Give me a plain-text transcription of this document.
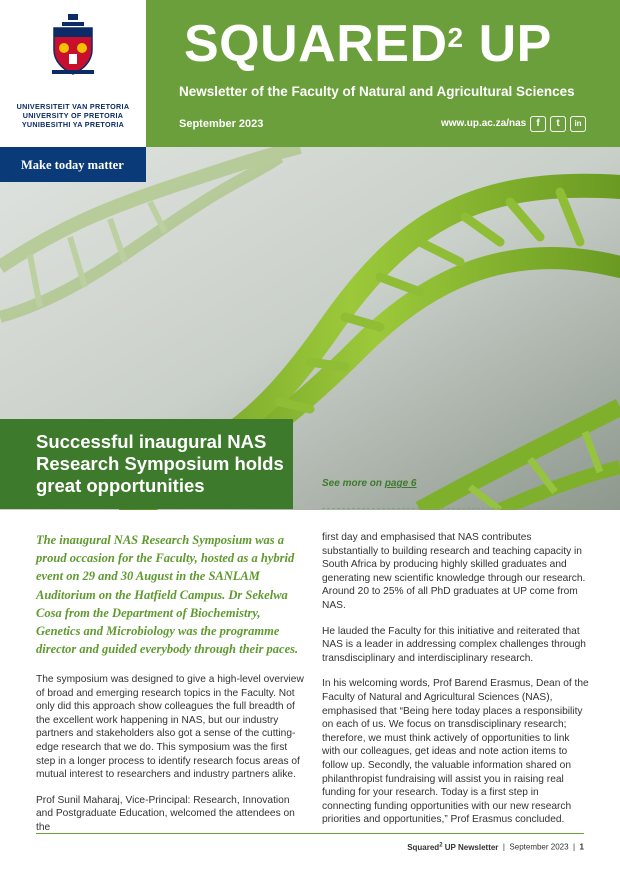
UNIVERSITEIT VAN PRETORIA
UNIVERSITY OF PRETORIA
YUNIBESITHI YA PRETORIA
SQUARED$^2$ UP
Newsletter of the Faculty of Natural and Agricultural Sciences
September 2023	www.up.ac.za/nas	f	t	in
Make today matter
Successful inaugural NAS Research Symposium holds great opportunities	See more on page 6
The inaugural NAS Research Symposium was a proud occasion for the Faculty, hosted as a hybrid event on 29 and 30 August in the SANLAM Auditorium on the Hatfield Campus. Dr Sekelwa Cosa from the Department of Biochemistry, Genetics and Microbiology was the programme director and guided everybody through their paces.

The symposium was designed to give a high-level overview of broad and emerging research topics in the Faculty. Not only did this approach show colleagues the full breadth of the excellent work happening in NAS, but our industry partners and stakeholders also got a sense of the cutting-edge research that we do. This symposium was the first step in a longer process to identify research focus areas of mutual interest to researchers and industry partners alike.

Prof Sunil Maharaj, Vice-Principal: Research, Innovation and Postgraduate Education, welcomed the attendees on the

first day and emphasised that NAS contributes substantially to building research and teaching capacity in South Africa by producing highly skilled graduates and generating new scientific knowledge through our research. Around 20 to 25% of all PhD graduates at UP come from NAS.

He lauded the Faculty for this initiative and reiterated that NAS is a leader in addressing complex challenges through transdisciplinary and interdisciplinary research.

In his welcoming words, Prof Barend Erasmus, Dean of the Faculty of Natural and Agricultural Sciences (NAS), emphasised that “Being here today places a responsibility on each of us. We focus on transdisciplinary research; therefore, we must think actively of opportunities to link with our colleagues, get ideas and note action items to follow up. Secondly, the valuable information shared on philanthropist fundraising will assist you in raising real funding for your research. Today is a first step in connecting funding opportunities with our new research priorities and opportunities,” Prof Erasmus concluded.

Squared$^2$ UP Newsletter | September 2023 | 1
